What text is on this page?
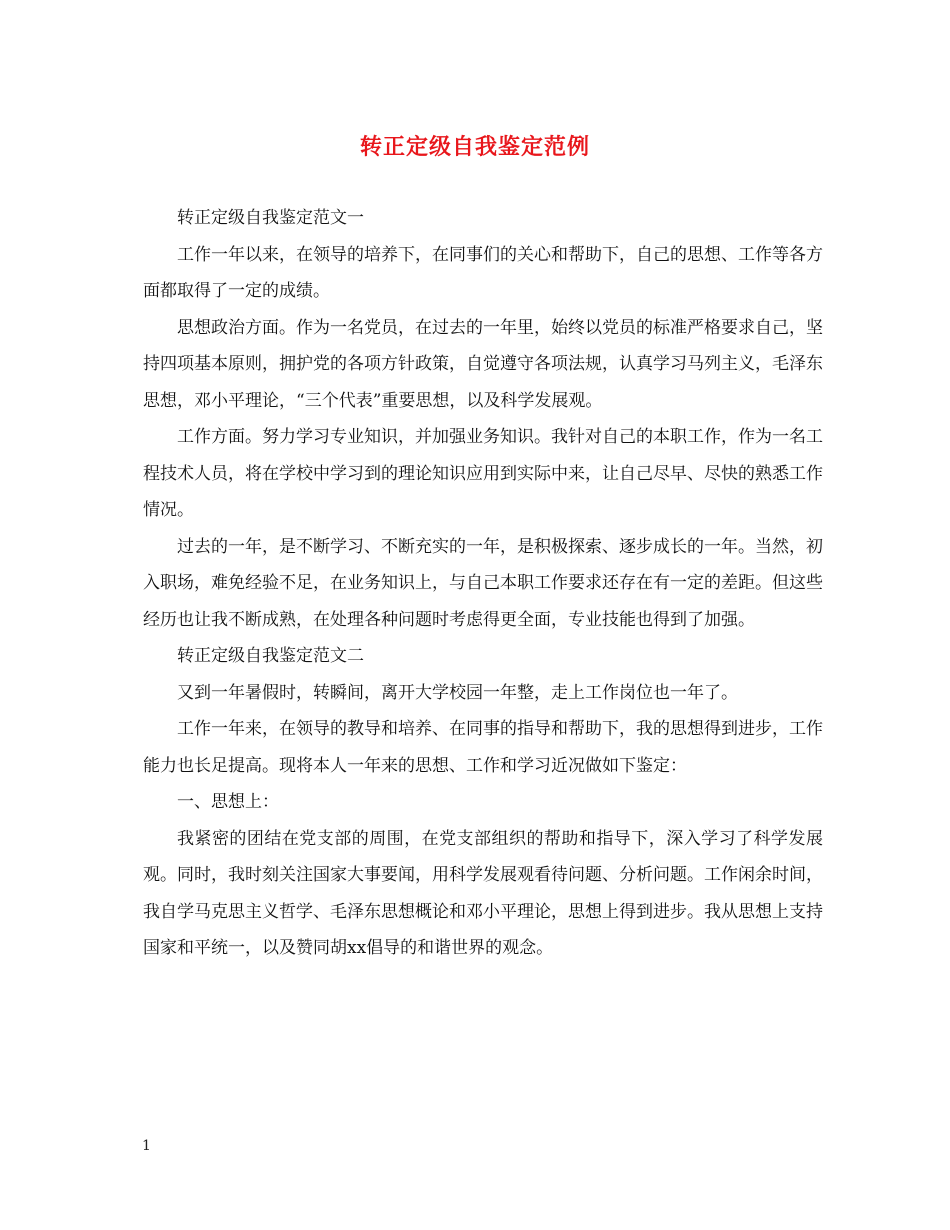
转正定级自我鉴定范例

转正定级自我鉴定范文一

工作一年以来，在领导的培养下，在同事们的关心和帮助下，自己的思想、工作等各方面都取得了一定的成绩。

思想政治方面。作为一名党员，在过去的一年里，始终以党员的标准严格要求自己，坚持四项基本原则，拥护党的各项方针政策，自觉遵守各项法规，认真学习马列主义，毛泽东思想，邓小平理论，“三个代表”重要思想，以及科学发展观。

工作方面。努力学习专业知识，并加强业务知识。我针对自己的本职工作，作为一名工程技术人员，将在学校中学习到的理论知识应用到实际中来，让自己尽早、尽快的熟悉工作情况。

过去的一年，是不断学习、不断充实的一年，是积极探索、逐步成长的一年。当然，初入职场，难免经验不足，在业务知识上，与自己本职工作要求还存在有一定的差距。但这些经历也让我不断成熟，在处理各种问题时考虑得更全面，专业技能也得到了加强。

转正定级自我鉴定范文二

又到一年暑假时，转瞬间，离开大学校园一年整，走上工作岗位也一年了。

工作一年来，在领导的教导和培养、在同事的指导和帮助下，我的思想得到进步，工作能力也长足提高。现将本人一年来的思想、工作和学习近况做如下鉴定：

一、思想上：

我紧密的团结在党支部的周围，在党支部组织的帮助和指导下，深入学习了科学发展观。同时，我时刻关注国家大事要闻，用科学发展观看待问题、分析问题。工作闲余时间，我自学马克思主义哲学、毛泽东思想概论和邓小平理论，思想上得到进步。我从思想上支持国家和平统一，以及赞同胡xx倡导的和谐世界的观念。

1
